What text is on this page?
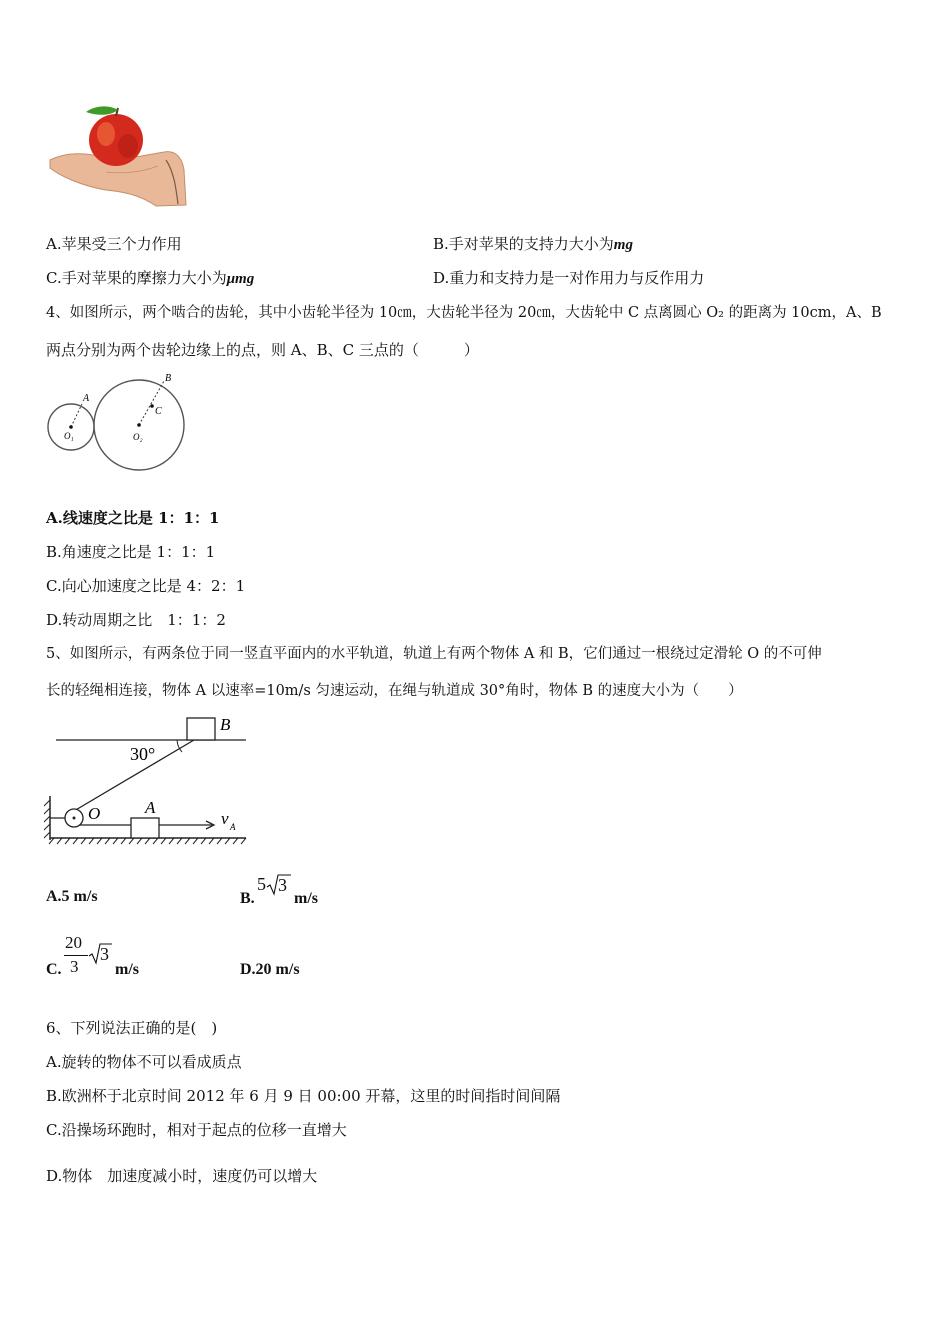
A.苹果受三个力作用	B.手对苹果的支持力大小为mg
C.手对苹果的摩擦力大小为μmg	D.重力和支持力是一对作用力与反作用力
4、如图所示，两个啮合的齿轮，其中小齿轮半径为 10㎝，大齿轮半径为 20㎝，大齿轮中 C 点离圆心 O₂ 的距离为 10cm，A、B
两点分别为两个齿轮边缘上的点，则 A、B、C 三点的（　　　）
A
B
C
O₁	O₂
A.线速度之比是 1：1：1
B.角速度之比是 1：1：1
C.向心加速度之比是 4：2：1
D.转动周期之比　1：1：2
5、如图所示，有两条位于同一竖直平面内的水平轨道，轨道上有两个物体 A 和 B，它们通过一根绕过定滑轮 O 的不可伸
长的轻绳相连接，物体 A 以速率=10m/s 匀速运动，在绳与轨道成 30°角时，物体 B 的速度大小为（　　）
B
30°
O	A
v A
A.5 m/s	B.
5 3
m/s
C.
20
3
3
m/s	D.20 m/s
6、下列说法正确的是(　)
A.旋转的物体不可以看成质点
B.欧洲杯于北京时间 2012 年 6 月 9 日 00:00 开幕，这里的时间指时间间隔
C.沿操场环跑时，相对于起点的位移一直增大
D.物体　加速度减小时，速度仍可以增大
